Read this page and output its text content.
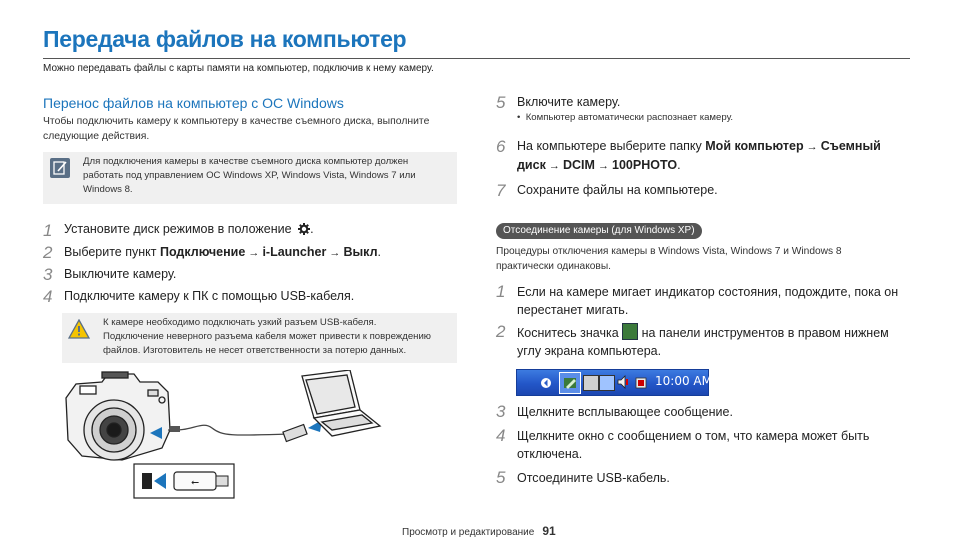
Передача файлов на компьютер
Можно передавать файлы с карты памяти на компьютер, подключив к нему камеру.
Перенос файлов на компьютер с ОС Windows
Чтобы подключить камеру к компьютеру в качестве съемного диска, выполните
следующие действия.
Для подключения камеры в качестве съемного диска компьютер должен
работать под управлением ОС Windows XP, Windows Vista, Windows 7 или
Windows 8.
1 Установите диск режимов в положение .
2 Выберите пункт Подключение → i-Launcher → Выкл.
3 Выключите камеру.
4 Подключите камеру к ПК с помощью USB-кабеля.
К камере необходимо подключать узкий разъем USB-кабеля.
Подключение неверного разъема кабеля может привести к повреждению
файлов. Изготовитель не несет ответственности за потерю данных.
⭠
5 Включите камеру.
•  Компьютер автоматически распознает камеру.
6 На компьютере выберите папку Мой компьютер → Съемный
диск → DCIM → 100PHOTO.
7 Сохраните файлы на компьютере.
Отсоединение камеры (для Windows XP)
Процедуры отключения камеры в Windows Vista, Windows 7 и Windows 8
практически одинаковы.
1 Если на камере мигает индикатор состояния, подождите, пока он
перестанет мигать.
2 Коснитесь значка на панели инструментов в правом нижнем
углу экрана компьютера.
10:00 AM
3 Щелкните всплывающее сообщение.
4 Щелкните окно с сообщением о том, что камера может быть
отключена.
5 Отсоедините USB-кабель.
Просмотр и редактирование 91
